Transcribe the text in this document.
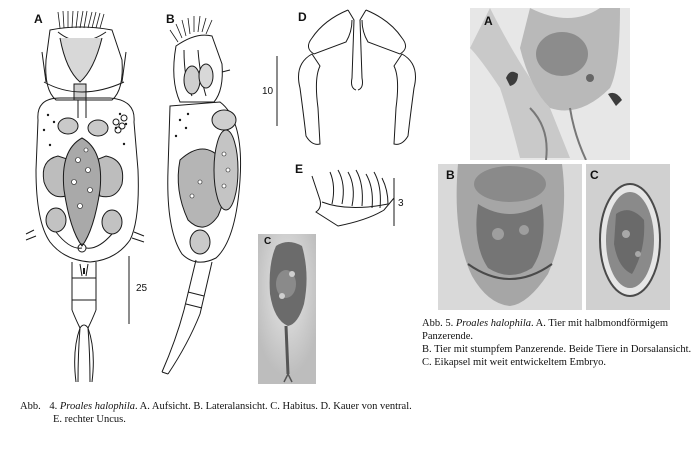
A	B
25
D
10
E
3
C
Abb. 4. Proales halophila. A. Aufsicht. B. Lateralansicht. C. Habitus. D. Kauer von ventral.
E. rechter Uncus.
A
B	C
Abb. 5. Proales halophila. A. Tier mit halbmondförmigem
Panzerende.
B. Tier mit stumpfem Panzerende. Beide Tiere in Dorsalansicht.
C. Eikapsel mit weit entwickeltem Embryo.
